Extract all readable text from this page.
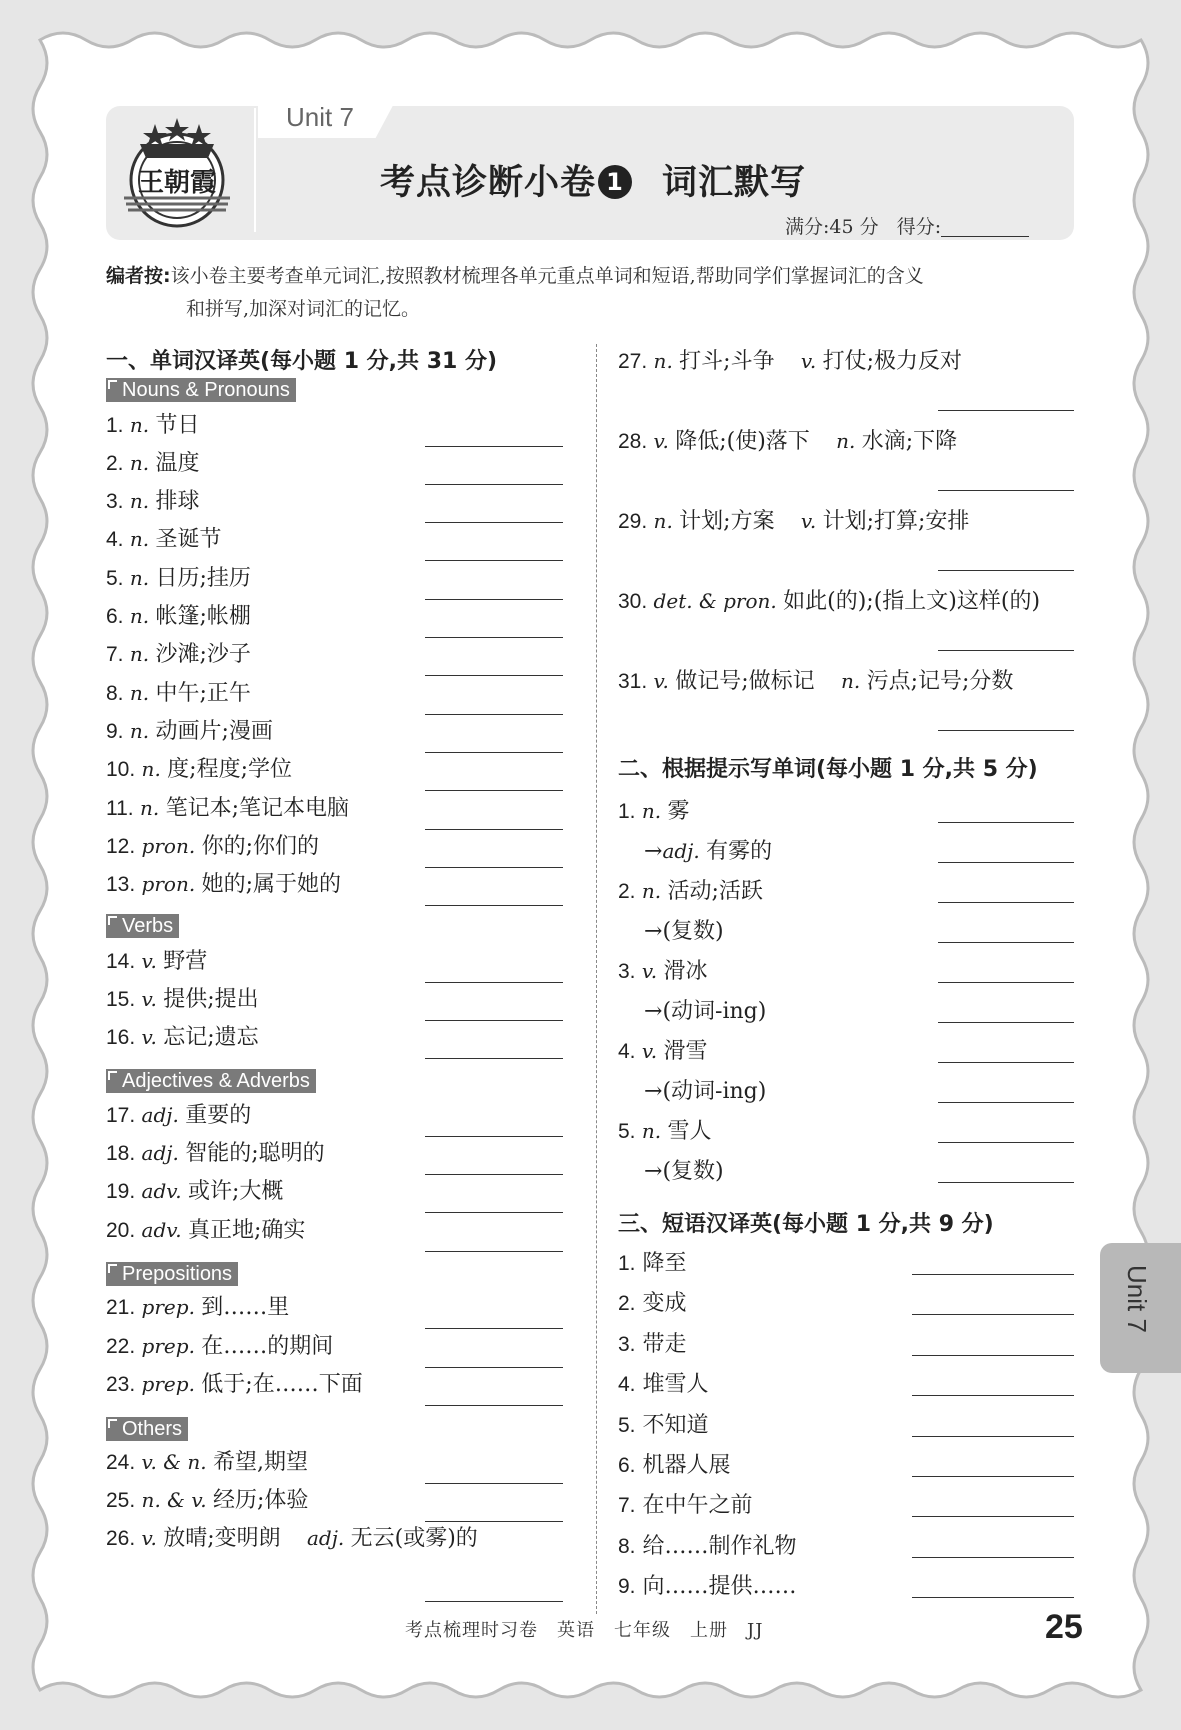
Unit 7
王朝霞	考点诊断小卷 1 词汇默写
满分:45 分 得分:
编者按:该小卷主要考查单元词汇,按照教材梳理各单元重点单词和短语,帮助同学们掌握词汇的含义
和拼写,加深对词汇的记忆。
一、单词汉译英(每小题 1 分,共 31 分)
二、根据提示写单词(每小题 1 分,共 5 分)
三、短语汉译英(每小题 1 分,共 9 分)
Nouns & Pronouns
Verbs
Adjectives & Adverbs
Prepositions
Others
1. n. 节日
2. n. 温度
3. n. 排球
4. n. 圣诞节
5. n. 日历;挂历
6. n. 帐篷;帐棚
7. n. 沙滩;沙子
8. n. 中午;正午
9. n. 动画片;漫画
10. n. 度;程度;学位
11. n. 笔记本;笔记本电脑
12. pron. 你的;你们的
13. pron. 她的;属于她的
14. v. 野营
15. v. 提供;提出
16. v. 忘记;遗忘
17. adj. 重要的
18. adj. 智能的;聪明的
19. adv. 或许;大概
20. adv. 真正地;确实
21. prep. 到……里
22. prep. 在……的期间
23. prep. 低于;在……下面
24. v. & n. 希望,期望
25. n. & v. 经历;体验
26. v. 放晴;变明朗  adj. 无云(或雾)的
27. n. 打斗;斗争  v. 打仗;极力反对
28. v. 降低;(使)落下  n. 水滴;下降
29. n. 计划;方案  v. 计划;打算;安排
30. det. & pron. 如此(的);(指上文)这样(的)
31. v. 做记号;做标记  n. 污点;记号;分数
1. n. 雾
→adj. 有雾的
2. n. 活动;活跃
→(复数)
3. v. 滑冰
→(动词-ing)
4. v. 滑雪
→(动词-ing)
5. n. 雪人
→(复数)
1. 降至
2. 变成
3. 带走
4. 堆雪人
5. 不知道
6. 机器人展
7. 在中午之前
8. 给……制作礼物
9. 向……提供……
Unit 7
考点梳理时习卷　英语　七年级　上册　JJ	25
